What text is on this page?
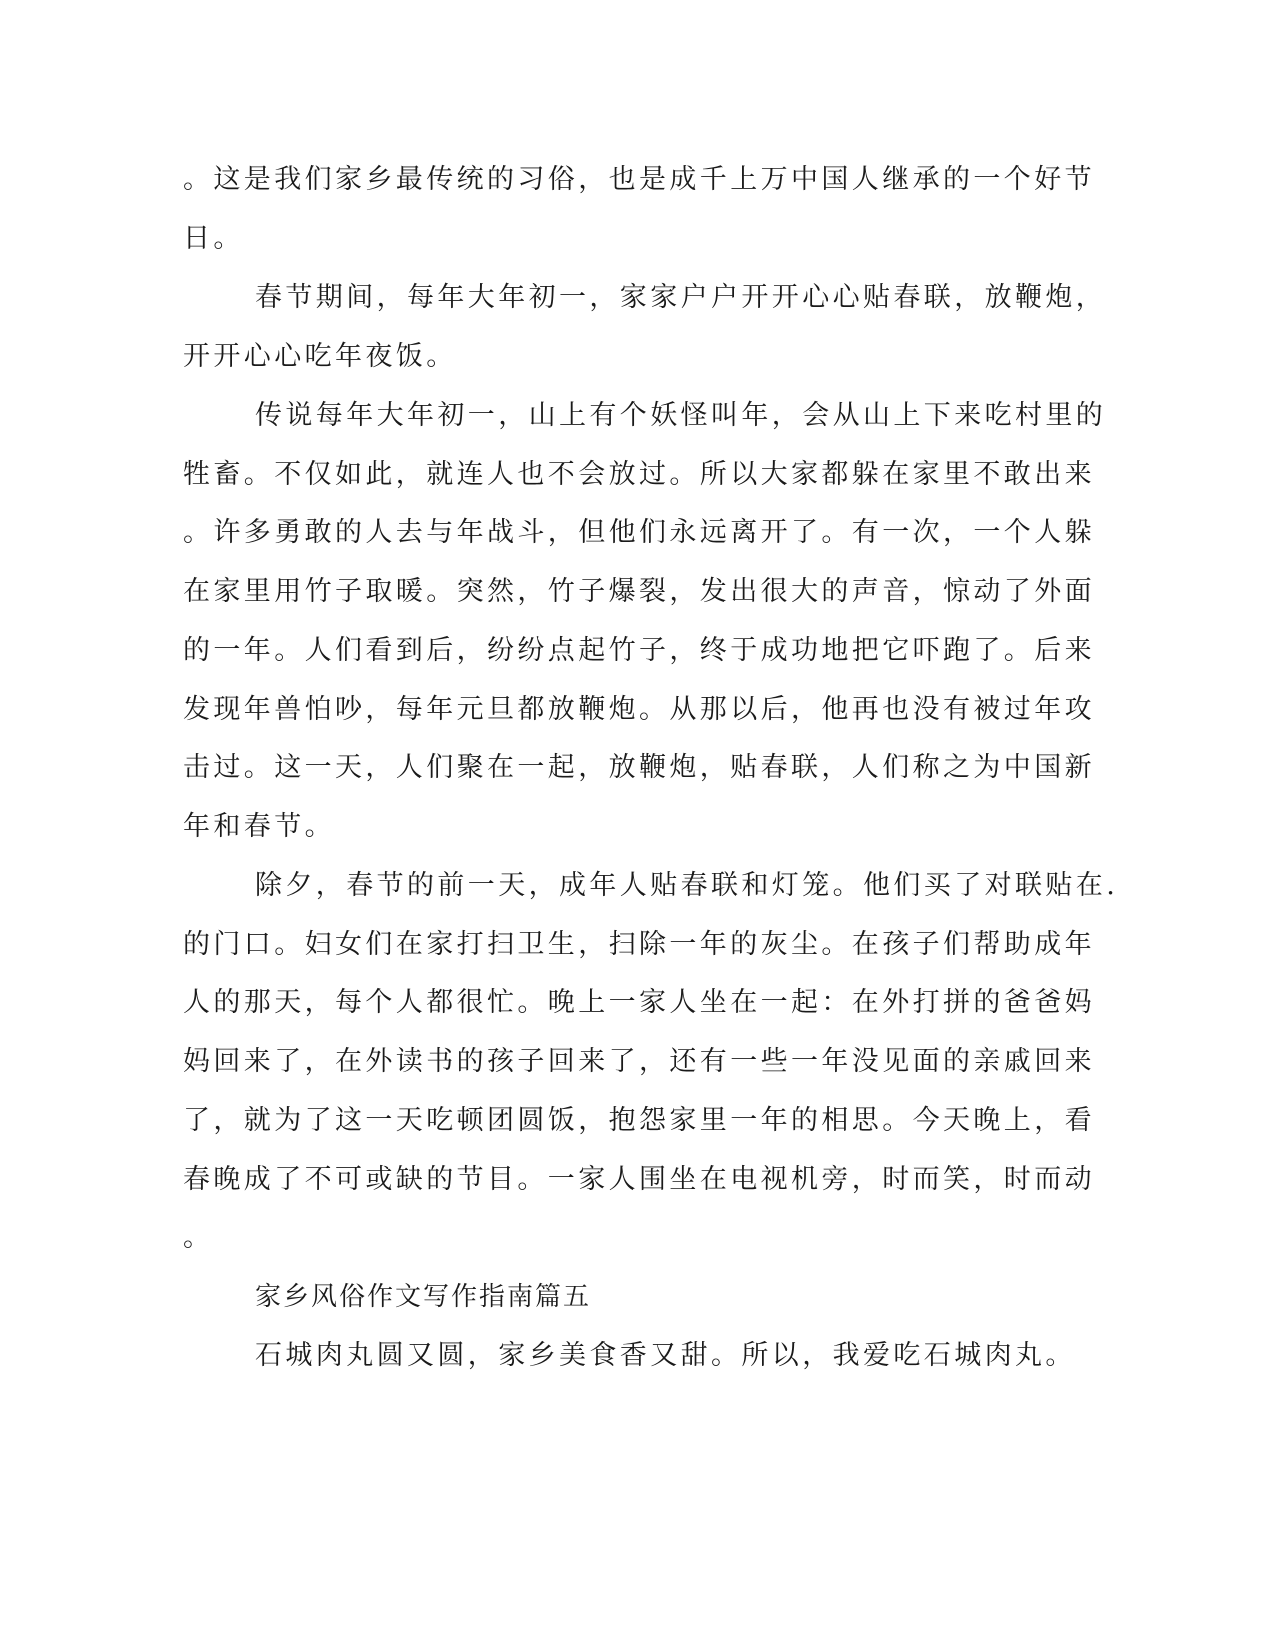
。这是我们家乡最传统的习俗，也是成千上万中国人继承的一个好节
日。
春节期间，每年大年初一，家家户户开开心心贴春联，放鞭炮，
开开心心吃年夜饭。
传说每年大年初一，山上有个妖怪叫年，会从山上下来吃村里的
牲畜。不仅如此，就连人也不会放过。所以大家都躲在家里不敢出来
。许多勇敢的人去与年战斗，但他们永远离开了。有一次，一个人躲
在家里用竹子取暖。突然，竹子爆裂，发出很大的声音，惊动了外面
的一年。人们看到后，纷纷点起竹子，终于成功地把它吓跑了。后来
发现年兽怕吵，每年元旦都放鞭炮。从那以后，他再也没有被过年攻
击过。这一天，人们聚在一起，放鞭炮，贴春联，人们称之为中国新
年和春节。
除夕，春节的前一天，成年人贴春联和灯笼。他们买了对联贴在.
的门口。妇女们在家打扫卫生，扫除一年的灰尘。在孩子们帮助成年
人的那天，每个人都很忙。晚上一家人坐在一起：在外打拼的爸爸妈
妈回来了，在外读书的孩子回来了，还有一些一年没见面的亲戚回来
了，就为了这一天吃顿团圆饭，抱怨家里一年的相思。今天晚上，看
春晚成了不可或缺的节目。一家人围坐在电视机旁，时而笑，时而动
。
家乡风俗作文写作指南篇五
石城肉丸圆又圆，家乡美食香又甜。所以，我爱吃石城肉丸。
